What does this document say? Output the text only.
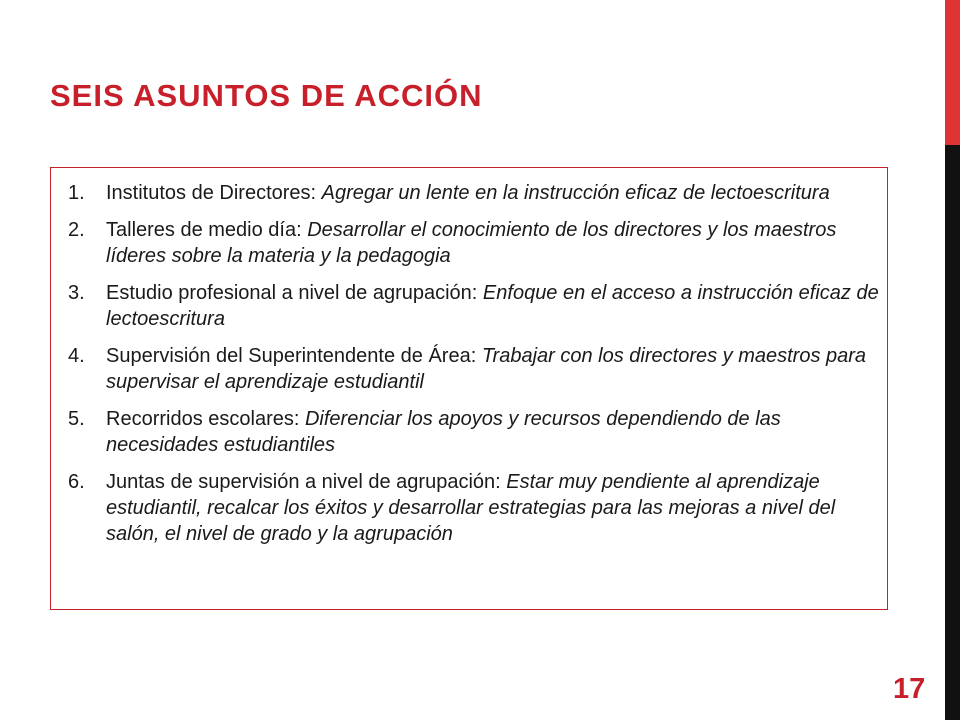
SEIS ASUNTOS DE ACCIÓN
1.	Institutos de Directores: Agregar un lente en la instrucción eficaz de lectoescritura
2.	Talleres de medio día: Desarrollar el conocimiento de los directores y los maestros líderes sobre la materia y la pedagogia
3.	Estudio profesional a nivel de agrupación: Enfoque en el acceso a instrucción eficaz de lectoescritura
4.	Supervisión del Superintendente de Área: Trabajar con los directores y maestros para supervisar el aprendizaje estudiantil
5.	Recorridos escolares: Diferenciar los apoyos y recursos dependiendo de las necesidades estudiantiles
6.	Juntas de supervisión a nivel de agrupación: Estar muy pendiente al aprendizaje estudiantil, recalcar los éxitos y desarrollar estrategias para las mejoras a nivel del salón, el nivel de grado y la agrupación
17
